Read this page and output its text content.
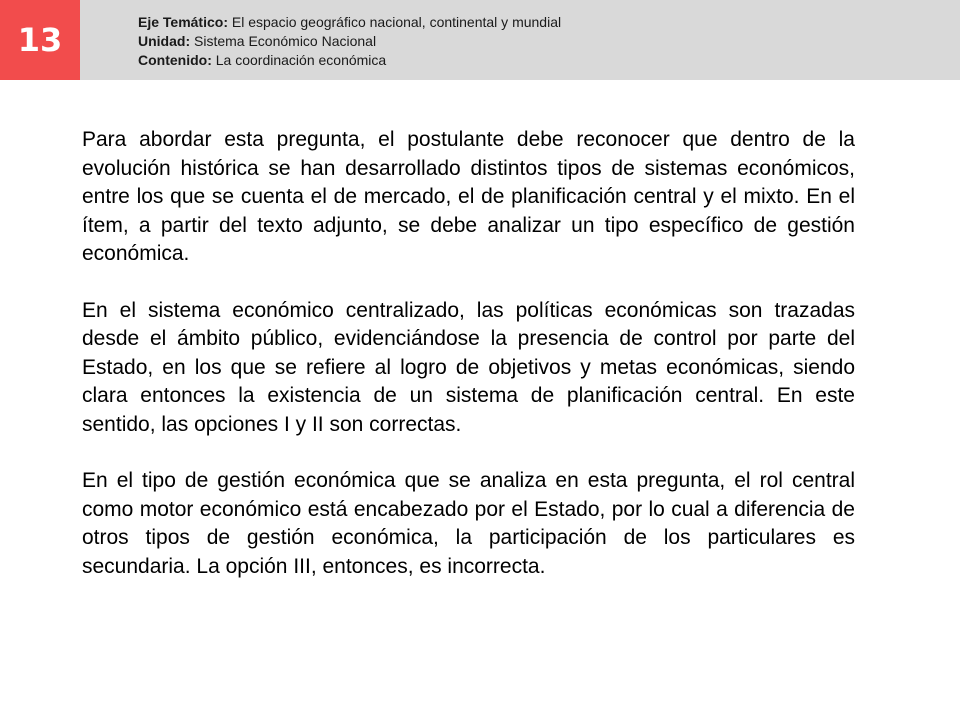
13	Eje Temático: El espacio geográfico nacional, continental y mundial
Unidad: Sistema Económico Nacional
Contenido: La coordinación económica

Para abordar esta pregunta, el postulante debe reconocer que dentro de la evolución histórica se han desarrollado distintos tipos de sistemas económicos, entre los que se cuenta el de mercado, el de planificación central y el mixto. En el ítem, a partir del texto adjunto, se debe analizar un tipo específico de gestión económica.

En el sistema económico centralizado, las políticas económicas son trazadas desde el ámbito público, evidenciándose la presencia de control por parte del Estado, en los que se refiere al logro de objetivos y metas económicas, siendo clara entonces la existencia de un sistema de planificación central. En este sentido, las opciones I y II son correctas.

En el tipo de gestión económica que se analiza en esta pregunta, el rol central como motor económico está encabezado por el Estado, por lo cual a diferencia de otros tipos de gestión económica, la participación de los particulares es secundaria. La opción III, entonces, es incorrecta.
